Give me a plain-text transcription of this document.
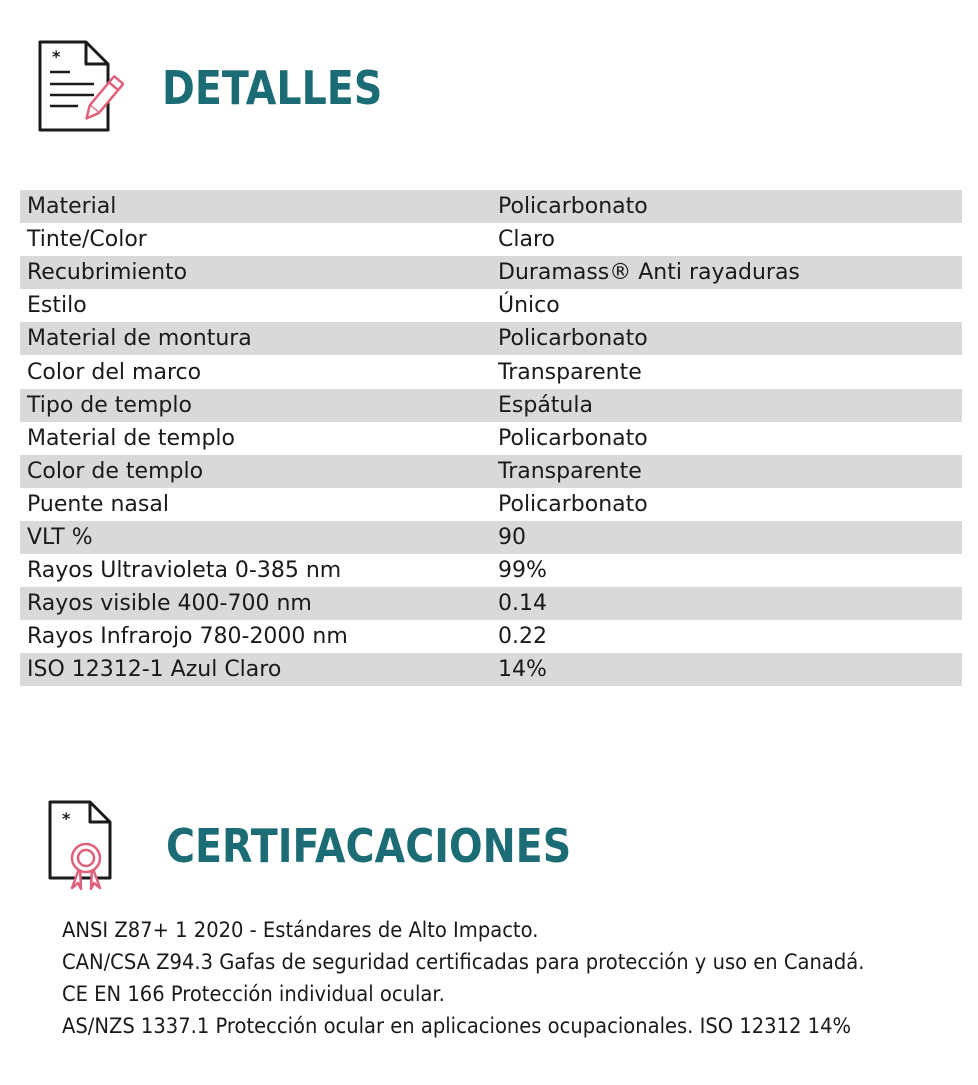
*
DETALLES
Material	Policarbonato
Tinte/Color	Claro
Recubrimiento	Duramass® Anti rayaduras
Estilo	Único
Material de montura	Policarbonato
Color del marco	Transparente
Tipo de templo	Espátula
Material de templo	Policarbonato
Color de templo	Transparente
Puente nasal	Policarbonato
VLT %	90
Rayos Ultravioleta 0-385 nm	99%
Rayos visible 400-700 nm	0.14
Rayos Infrarojo 780-2000 nm	0.22
ISO 12312-1 Azul Claro	14%
*
CERTIFACACIONES
ANSI Z87+ 1 2020 - Estándares de Alto Impacto.
CAN/CSA Z94.3 Gafas de seguridad certificadas para protección y uso en Canadá.
CE EN 166 Protección individual ocular.
AS/NZS 1337.1 Protección ocular en aplicaciones ocupacionales. ISO 12312 14%
